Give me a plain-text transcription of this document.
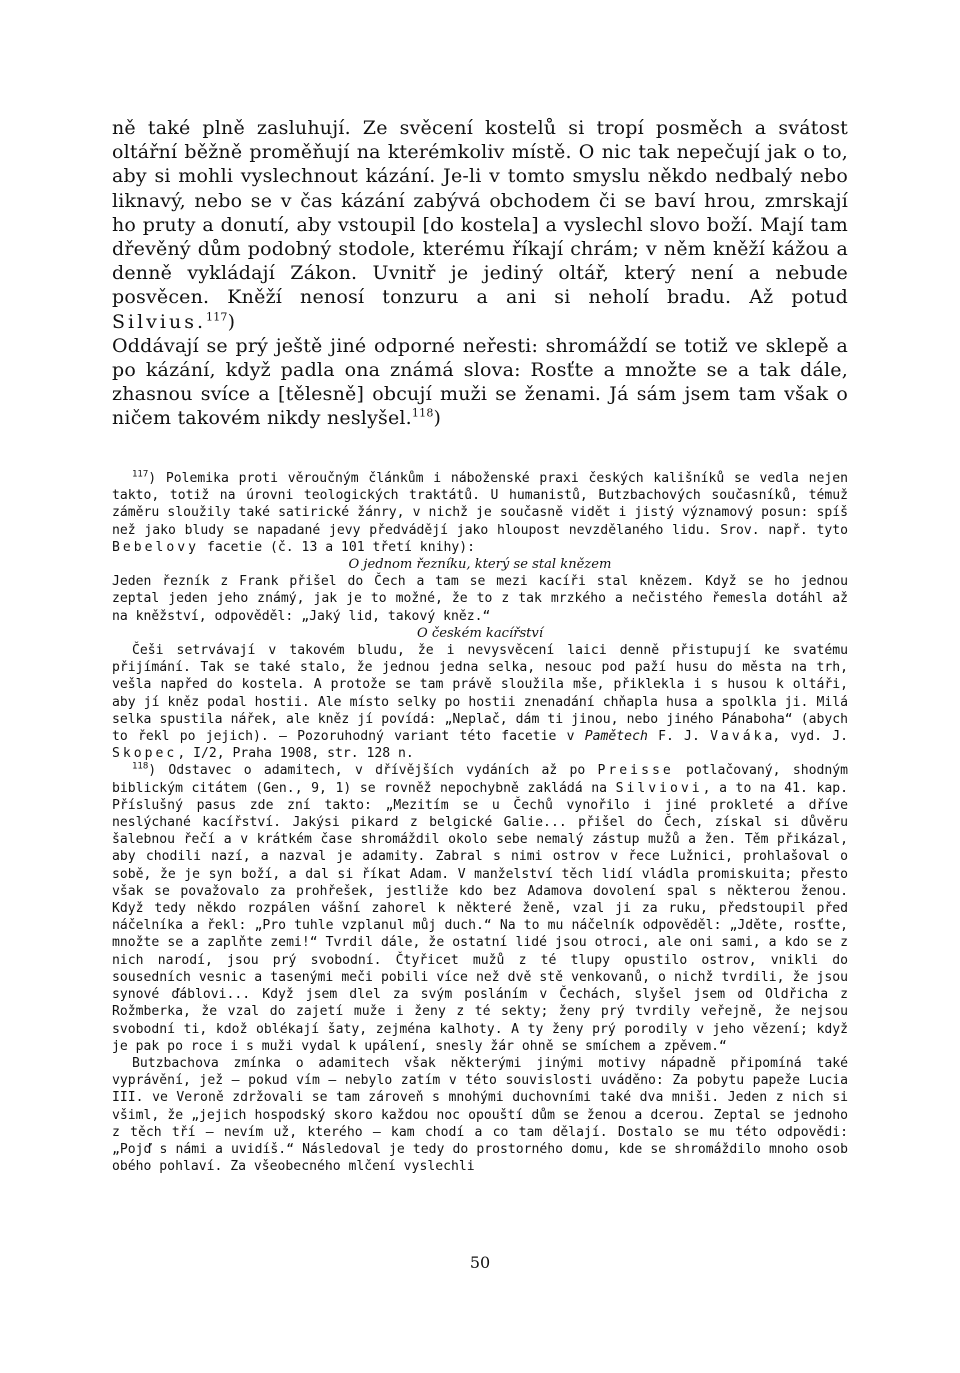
ně také plně zasluhují. Ze svěcení kostelů si tropí posměch a svátost oltářní běžně proměňují na kterémkoliv místě. O nic tak nepečují jak o to, aby si mohli vyslechnout kázání. Je-li v tomto smyslu někdo nedbalý nebo liknavý, nebo se v čas kázání zabývá obchodem či se baví hrou, zmrskají ho pruty a donutí, aby vstoupil [do kostela] a vyslechl slovo boží. Mají tam dřevěný dům podobný stodole, kterému říkají chrám; v něm kněží kážou a denně vykládají Zákon. Uvnitř je jediný oltář, který není a nebude posvěcen. Kněží nenosí tonzuru a ani si neholí bradu. Až potud Silvius.$^{117}$)

Oddávají se prý ještě jiné odporné neřesti: shromáždí se totiž ve sklepě a po kázání, když padla ona známá slova: Rosťte a množte se a tak dále, zhasnou svíce a [tělesně] obcují muži se ženami. Já sám jsem tam však o ničem takovém nikdy neslyšel.$^{118}$)

$^{117}$) Polemika proti věroučným článkům i náboženské praxi českých kališníků se vedla nejen takto, totiž na úrovni teologických traktátů. U humanistů, Butzbachových současníků, témuž záměru sloužily také satirické žánry, v nichž je současně vidět i jistý významový posun: spíš než jako bludy se napadané jevy předvádějí jako hloupost nevzdělaného lidu. Srov. např. tyto Bebelovy facetie (č. 13 a 101 třetí knihy):

O jednom řezníku, který se stal knězem

Jeden řezník z Frank přišel do Čech a tam se mezi kacíři stal knězem. Když se ho jednou zeptal jeden jeho známý, jak je to možné, že to z tak mrzkého a nečistého řemesla dotáhl až na kněžství, odpověděl: „Jaký lid, takový kněz.“

O českém kacířství

Češi setrvávají v takovém bludu, že i nevysvěcení laici denně přistupují ke svatému přijímání. Tak se také stalo, že jednou jedna selka, nesouc pod paží husu do města na trh, vešla napřed do kostela. A protože se tam právě sloužila mše, přiklekla i s husou k oltáři, aby jí kněz podal hostii. Ale místo selky po hostii znenadání chňapla husa a spolkla ji. Milá selka spustila nářek, ale kněz jí povídá: „Neplač, dám ti jinou, nebo jiného Pánaboha“ (abych to řekl po jejich). – Pozoruhodný variant této facetie v Pamětech F. J. Vaváka, vyd. J. Skopec, I/2, Praha 1908, str. 128 n.

$^{118}$) Odstavec o adamitech, v dřívějších vydáních až po Preisse potlačovaný, shodným biblickým citátem (Gen., 9, 1) se rovněž nepochybně zakládá na Silviovi, a to na 41. kap. Příslušný pasus zde zní takto: „Mezitím se u Čechů vynořilo i jiné prokleté a dříve neslýchané kacířství. Jakýsi pikard z belgické Galie... přišel do Čech, získal si důvěru šalebnou řečí a v krátkém čase shromáždil okolo sebe nemalý zástup mužů a žen. Těm přikázal, aby chodili nazí, a nazval je adamity. Zabral s nimi ostrov v řece Lužnici, prohlašoval o sobě, že je syn boží, a dal si říkat Adam. V manželství těch lidí vládla promiskuita; přesto však se považovalo za prohřešek, jestliže kdo bez Adamova dovolení spal s některou ženou. Když tedy někdo rozpálen vášní zahorel k některé ženě, vzal ji za ruku, předstoupil před náčelníka a řekl: „Pro tuhle vzplanul můj duch.“ Na to mu náčelník odpověděl: „Jděte, rosťte, množte se a zaplňte zemi!“ Tvrdil dále, že ostatní lidé jsou otroci, ale oni sami, a kdo se z nich narodí, jsou prý svobodní. Čtyřicet mužů z té tlupy opustilo ostrov, vnikli do sousedních vesnic a tasenými meči pobili více než dvě stě venkovanů, o nichž tvrdili, že jsou synové ďáblovi... Když jsem dlel za svým posláním v Čechách, slyšel jsem od Oldřicha z Rožmberka, že vzal do zajetí muže i ženy z té sekty; ženy prý tvrdily veřejně, že nejsou svobodní ti, kdož oblékají šaty, zejména kalhoty. A ty ženy prý porodily v jeho vězení; když je pak po roce i s muži vydal k upálení, snesly žár ohně se smíchem a zpěvem.“

Butzbachova zmínka o adamitech však některými jinými motivy nápadně připomíná také vyprávění, jež – pokud vím – nebylo zatím v této souvislosti uváděno: Za pobytu papeže Lucia III. ve Veroně zdržovali se tam zároveň s mnohými duchovními také dva mniši. Jeden z nich si všiml, že „jejich hospodský skoro každou noc opouští dům se ženou a dcerou. Zeptal se jednoho z těch tří – nevím už, kterého – kam chodí a co tam dělají. Dostalo se mu této odpovědi: „Pojď s námi a uvidíš.“ Následoval je tedy do prostorného domu, kde se shromáždilo mnoho osob obého pohlaví. Za všeobecného mlčení vyslechli

50
